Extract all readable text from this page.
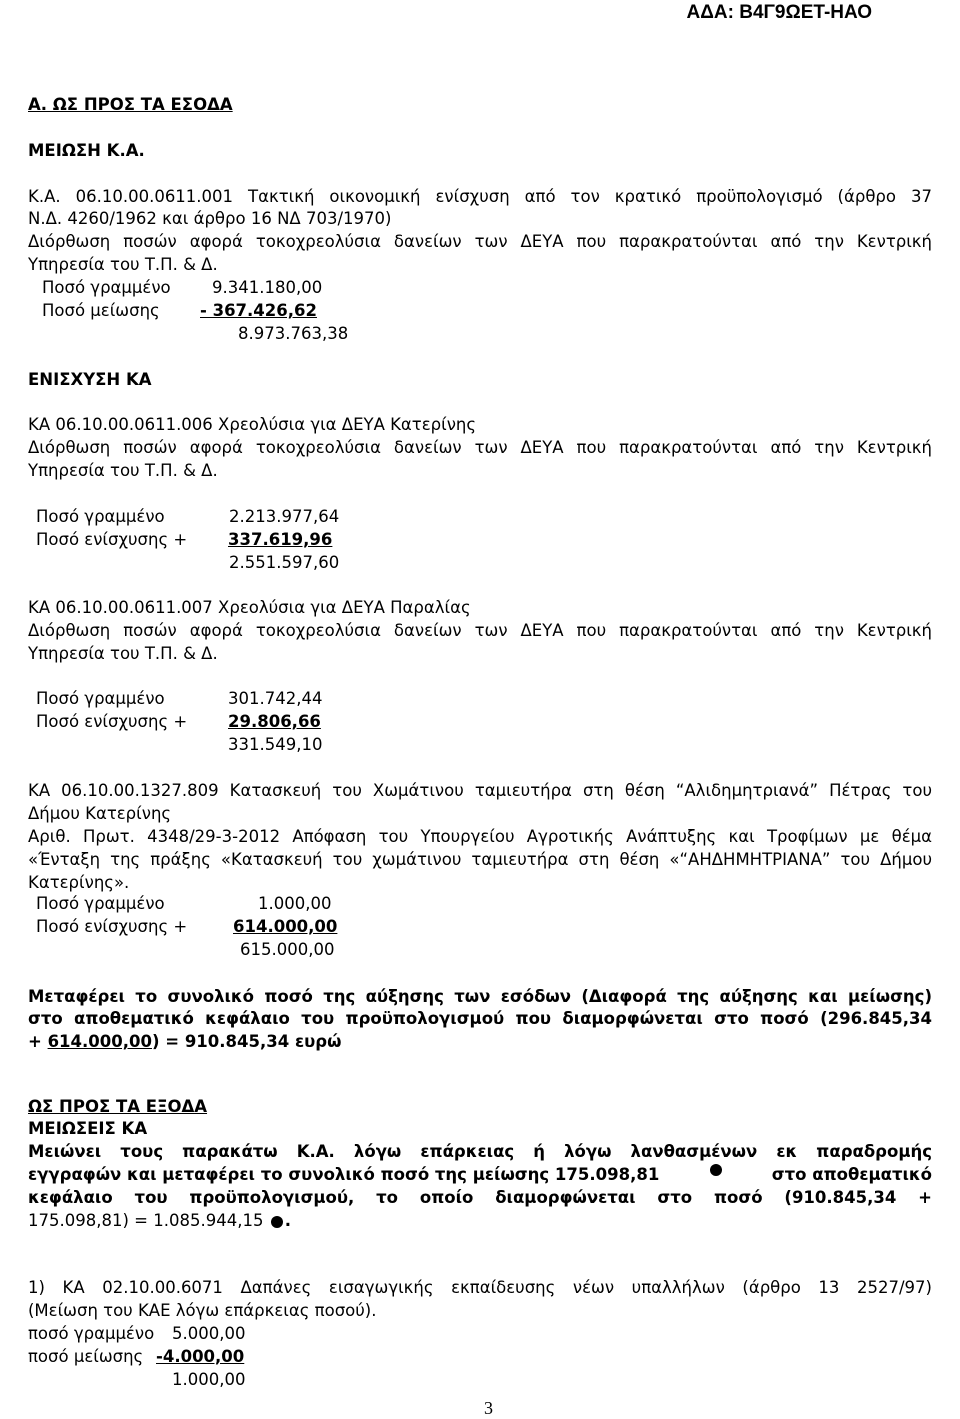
ΑΔΑ: Β4Γ9ΩΕΤ-ΗΑΟ
Α. ΩΣ ΠΡΟΣ ΤΑ ΕΣΟΔΑ
ΜΕΙΩΣΗ Κ.Α.
Κ.Α. 06.10.00.0611.001 Τακτική οικονομική ενίσχυση από τον κρατικό προϋπολογισμό (άρθρο 37
Ν.Δ. 4260/1962 και άρθρο 16 ΝΔ 703/1970)
Διόρθωση ποσών αφορά τοκοχρεολύσια δανείων των ΔΕΥΑ που παρακρατούνται από την Κεντρική
Υπηρεσία του Τ.Π. & Δ.
Ποσό γραμμένο	9.341.180,00
Ποσό μείωσης - 367.426,62
8.973.763,38
ΕΝΙΣΧΥΣΗ ΚΑ
ΚΑ 06.10.00.0611.006 Χρεολύσια για ΔΕΥΑ Κατερίνης
Διόρθωση ποσών αφορά τοκοχρεολύσια δανείων των ΔΕΥΑ που παρακρατούνται από την Κεντρική
Υπηρεσία του Τ.Π. & Δ.
Ποσό γραμμένο	2.213.977,64
Ποσό ενίσχυσης + 337.619,96
2.551.597,60
ΚΑ 06.10.00.0611.007 Χρεολύσια για ΔΕΥΑ Παραλίας
Διόρθωση ποσών αφορά τοκοχρεολύσια δανείων των ΔΕΥΑ που παρακρατούνται από την Κεντρική
Υπηρεσία του Τ.Π. & Δ.
Ποσό γραμμένο	301.742,44
Ποσό ενίσχυσης + 29.806,66
331.549,10
ΚΑ 06.10.00.1327.809 Κατασκευή του Χωμάτινου ταμιευτήρα στη θέση “Αλιδημητριανά” Πέτρας του
Δήμου Κατερίνης
Αριθ. Πρωτ. 4348/29-3-2012 Απόφαση του Υπουργείου Αγροτικής Ανάπτυξης και Τροφίμων με θέμα
«Ένταξη της πράξης «Κατασκευή του χωμάτινου ταμιευτήρα στη θέση «“ΑΗΔΗΜΗΤΡΙΑΝΑ” του Δήμου
Κατερίνης».
Ποσό γραμμένο	1.000,00
Ποσό ενίσχυσης +	614.000,00
615.000,00
Μεταφέρει το συνολικό ποσό της αύξησης των εσόδων (Διαφορά της αύξησης και μείωσης)
στο αποθεματικό κεφάλαιο του προϋπολογισμού που διαμορφώνεται στο ποσό (296.845,34
+ 614.000,00) = 910.845,34 ευρώ
ΩΣ ΠΡΟΣ ΤΑ ΕΞΟΔΑ
ΜΕΙΩΣΕΙΣ ΚΑ
Μειώνει τους παρακάτω Κ.Α. λόγω επάρκειας ή λόγω λανθασμένων εκ παραδρομής
εγγραφών και μεταφέρει το συνολικό ποσό της μείωσης 175.098,81	στο αποθεματικό
κεφάλαιο του προϋπολογισμού, το οποίο διαμορφώνεται στο ποσό (910.845,34 +
175.098,81) = 1.085.944,15 .
1) ΚΑ 02.10.00.6071 Δαπάνες εισαγωγικής εκπαίδευσης νέων υπαλλήλων (άρθρο 13 2527/97)
(Μείωση του ΚΑΕ λόγω επάρκειας ποσού).
ποσό γραμμένο 5.000,00
ποσό μείωσης -4.000,00
1.000,00
3
